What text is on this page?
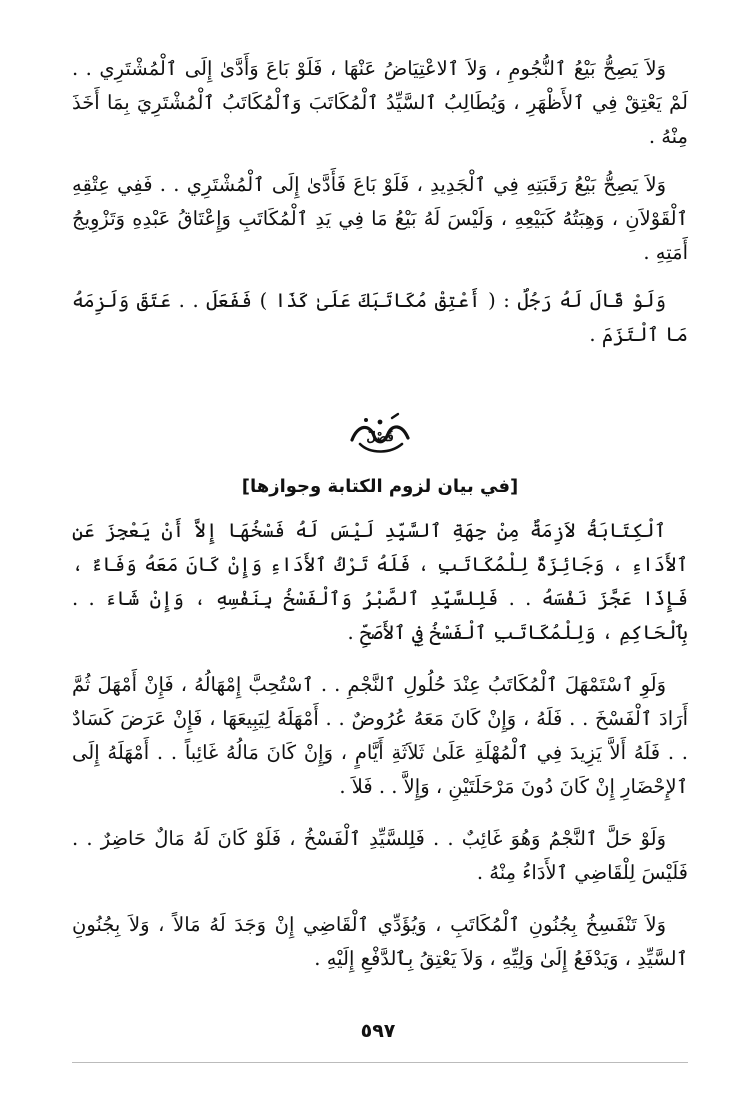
وَلاَ يَصِحُّ بَيْعُ ٱلنُّجُومِ ، وَلاَ ٱلاعْتِيَاضُ عَنْهَا ، فَلَوْ بَاعَ وَأَدَّىٰ إِلَى ٱلْمُشْتَرِي . . لَمْ يَعْتِقْ فِي ٱلأَظْهَرِ ، وَيُطَالِبُ ٱلسَّيِّدُ ٱلْمُكَاتَبَ وَٱلْمُكَاتَبُ ٱلْمُشْتَرِيَ بِمَا أَخَذَ مِنْهُ .

وَلاَ يَصِحُّ بَيْعُ رَقَبَتِهِ فِي ٱلْجَدِيدِ ، فَلَوْ بَاعَ فَأَدَّىٰ إِلَى ٱلْمُشْتَرِي . . فَفِي عِتْقِهِ ٱلْقَوْلاَنِ ، وَهِبَتُهُ كَبَيْعِهِ ، وَلَيْسَ لَهُ بَيْعُ مَا فِي يَدِ ٱلْمُكَاتَبِ وَإِعْتَاقُ عَبْدِهِ وَتَزْوِيجُ أَمَتِهِ .

وَلَوْ قَالَ لَهُ رَجُلٌ : ( أَعْتِقْ مُكَاتَبَكَ عَلَىٰ كَذَا ) فَفَعَلَ . . عَتَقَ وَلَزِمَهُ مَا ٱلْتَزَمَ .

فَصْلٌ
[في بيان لزوم الكتابة وجوازها]

ٱلْكِتَابَةُ لاَزِمَةٌ مِنْ جِهَةِ ٱلسَّيِّدِ لَيْسَ لَهُ فَسْخُهَا إِلاَّ أَنْ يَعْجِزَ عَنِ ٱلأَدَاءِ ، وَجَائِزَةٌ لِلْمُكَاتَبِ ، فَلَهُ تَرْكُ ٱلأَدَاءِ وَإِنْ كَانَ مَعَهُ وَفَاءٌ ، فَإِذَا عَجَّزَ نَفْسَهُ . . فَلِلسَّيِّدِ ٱلصَّبْرُ وَٱلْفَسْخُ بِنَفْسِهِ ، وَإِنْ شَاءَ . . بِٱلْحَاكِمِ ، وَلِلْمُكَاتَبِ ٱلْفَسْخُ فِي ٱلأَصَحِّ .

وَلَوِ ٱسْتَمْهَلَ ٱلْمُكَاتَبُ عِنْدَ حُلُولِ ٱلنَّجْمِ . . ٱسْتُحِبَّ إِمْهَالُهُ ، فَإِنْ أَمْهَلَ ثُمَّ أَرَادَ ٱلْفَسْخَ . . فَلَهُ ، وَإِنْ كَانَ مَعَهُ عُرُوضٌ . . أَمْهَلَهُ لِيَبِيعَهَا ، فَإِنْ عَرَضَ كَسَادٌ . . فَلَهُ أَلاَّ يَزِيدَ فِي ٱلْمُهْلَةِ عَلَىٰ ثَلاَثَةِ أَيَّامٍ ، وَإِنْ كَانَ مَالُهُ غَائِباً . . أَمْهَلَهُ إِلَى ٱلإِحْضَارِ إِنْ كَانَ دُونَ مَرْحَلَتَيْنِ ، وَإِلاَّ . . فَلاَ .

وَلَوْ حَلَّ ٱلنَّجْمُ وَهُوَ غَائِبٌ . . فَلِلسَّيِّدِ ٱلْفَسْخُ ، فَلَوْ كَانَ لَهُ مَالٌ حَاضِرٌ . . فَلَيْسَ لِلْقَاضِي ٱلأَدَاءُ مِنْهُ .

وَلاَ تَنْفَسِخُ بِجُنُونِ ٱلْمُكَاتَبِ ، وَيُؤَدِّي ٱلْقَاضِي إِنْ وَجَدَ لَهُ مَالاً ، وَلاَ بِجُنُونِ ٱلسَّيِّدِ ، وَيَدْفَعُ إِلَىٰ وَلِيِّهِ ، وَلاَ يَعْتِقُ بِٱلدَّفْعِ إِلَيْهِ .

٥٩٧
